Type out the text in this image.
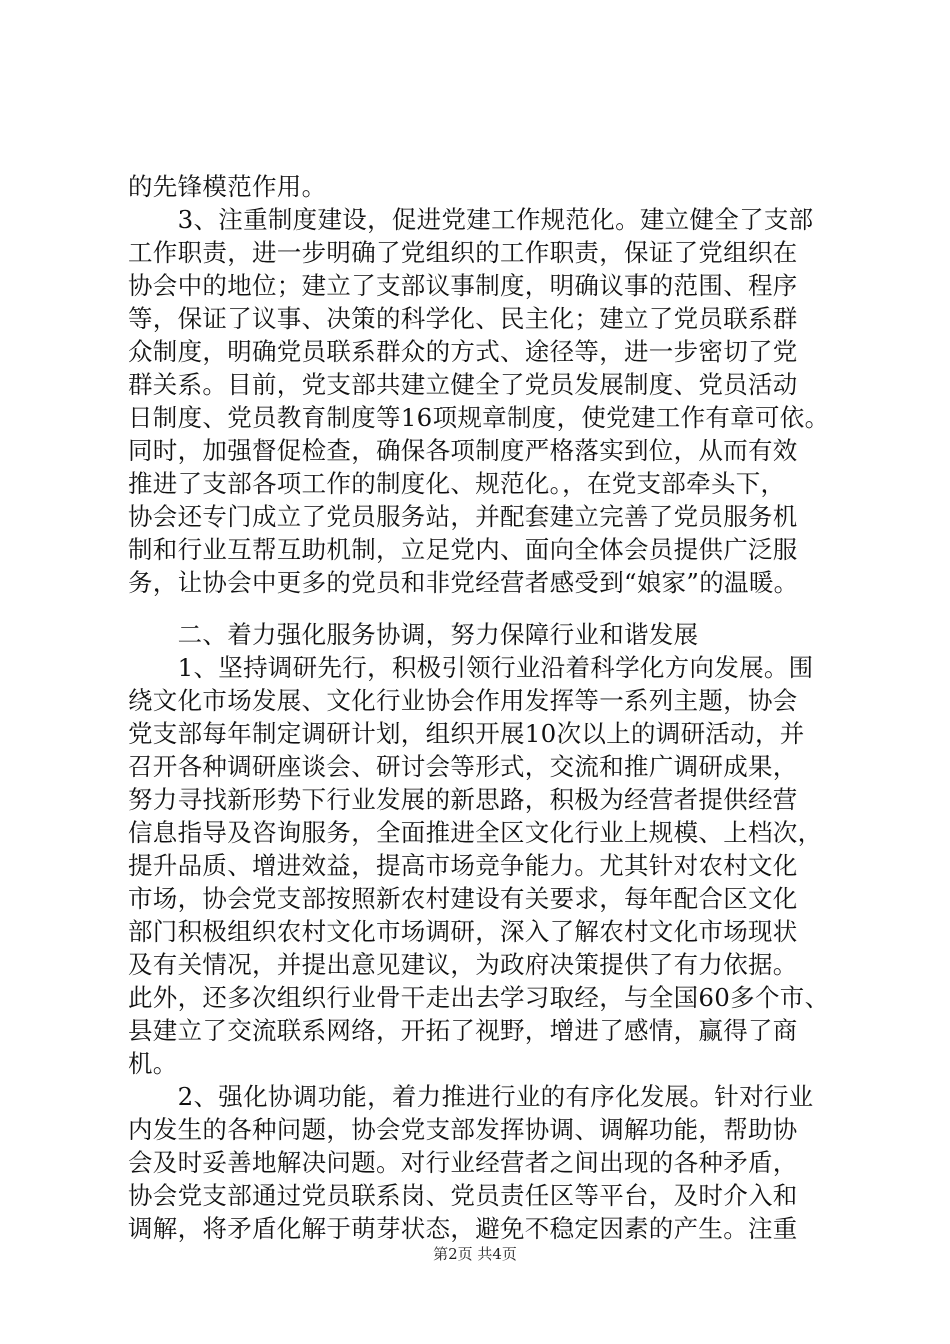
的先锋模范作用。
　　3、注重制度建设，促进党建工作规范化。建立健全了支部
工作职责，进一步明确了党组织的工作职责，保证了党组织在
协会中的地位；建立了支部议事制度，明确议事的范围、程序
等，保证了议事、决策的科学化、民主化；建立了党员联系群
众制度，明确党员联系群众的方式、途径等，进一步密切了党
群关系。目前，党支部共建立健全了党员发展制度、党员活动
日制度、党员教育制度等16项规章制度，使党建工作有章可依。
同时，加强督促检查，确保各项制度严格落实到位，从而有效
推进了支部各项工作的制度化、规范化。，在党支部牵头下，
协会还专门成立了党员服务站，并配套建立完善了党员服务机
制和行业互帮互助机制，立足党内、面向全体会员提供广泛服
务，让协会中更多的党员和非党经营者感受到“娘家”的温暖。
　　二、着力强化服务协调，努力保障行业和谐发展
　　1、坚持调研先行，积极引领行业沿着科学化方向发展。围
绕文化市场发展、文化行业协会作用发挥等一系列主题，协会
党支部每年制定调研计划，组织开展10次以上的调研活动，并
召开各种调研座谈会、研讨会等形式，交流和推广调研成果，
努力寻找新形势下行业发展的新思路，积极为经营者提供经营
信息指导及咨询服务，全面推进全区文化行业上规模、上档次，
提升品质、增进效益，提高市场竞争能力。尤其针对农村文化
市场，协会党支部按照新农村建设有关要求，每年配合区文化
部门积极组织农村文化市场调研，深入了解农村文化市场现状
及有关情况，并提出意见建议，为政府决策提供了有力依据。
此外，还多次组织行业骨干走出去学习取经，与全国60多个市、
县建立了交流联系网络，开拓了视野，增进了感情，赢得了商
机。
　　2、强化协调功能，着力推进行业的有序化发展。针对行业
内发生的各种问题，协会党支部发挥协调、调解功能，帮助协
第2页 共4页
会及时妥善地解决问题。对行业经营者之间出现的各种矛盾，
协会党支部通过党员联系岗、党员责任区等平台，及时介入和
调解，将矛盾化解于萌芽状态，避免不稳定因素的产生。注重
